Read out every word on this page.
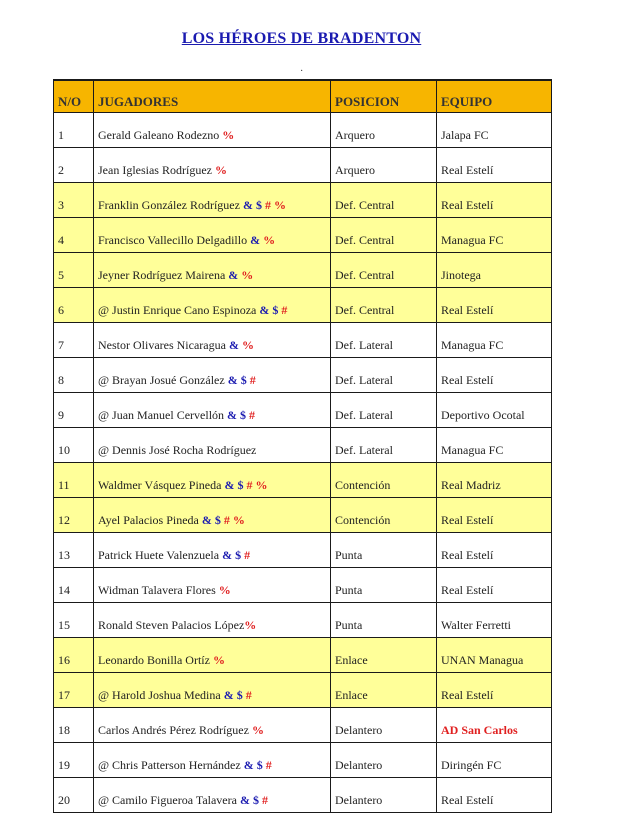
LOS HÉROES DE BRADENTON
·
N/O	JUGADORES	POSICION	EQUIPO
1	Gerald Galeano Rodezno %	Arquero	Jalapa FC
2	Jean Iglesias Rodríguez %	Arquero	Real Estelí
3	Franklin González Rodríguez & $ # %	Def. Central	Real Estelí
4	Francisco Vallecillo Delgadillo & %	Def. Central	Managua FC
5	Jeyner Rodríguez Mairena & %	Def. Central	Jinotega
6	@ Justin Enrique Cano Espinoza & $ #	Def. Central	Real Estelí
7	Nestor Olivares Nicaragua & %	Def. Lateral	Managua FC
8	@ Brayan Josué González & $ #	Def. Lateral	Real Estelí
9	@ Juan Manuel Cervellón & $ #	Def. Lateral	Deportivo Ocotal
10	@ Dennis José Rocha Rodríguez	Def. Lateral	Managua FC
11	Waldmer Vásquez Pineda & $ # %	Contención	Real Madriz
12	Ayel Palacios Pineda & $ # %	Contención	Real Estelí
13	Patrick Huete Valenzuela & $ #	Punta	Real Estelí
14	Widman Talavera Flores %	Punta	Real Estelí
15	Ronald Steven Palacios López%	Punta	Walter Ferretti
16	Leonardo Bonilla Ortíz %	Enlace	UNAN Managua
17	@ Harold Joshua Medina & $ #	Enlace	Real Estelí
18	Carlos Andrés Pérez Rodríguez %	Delantero	AD San Carlos
19	@ Chris Patterson Hernández & $ #	Delantero	Diringén FC
20	@ Camilo Figueroa Talavera & $ #	Delantero	Real Estelí
